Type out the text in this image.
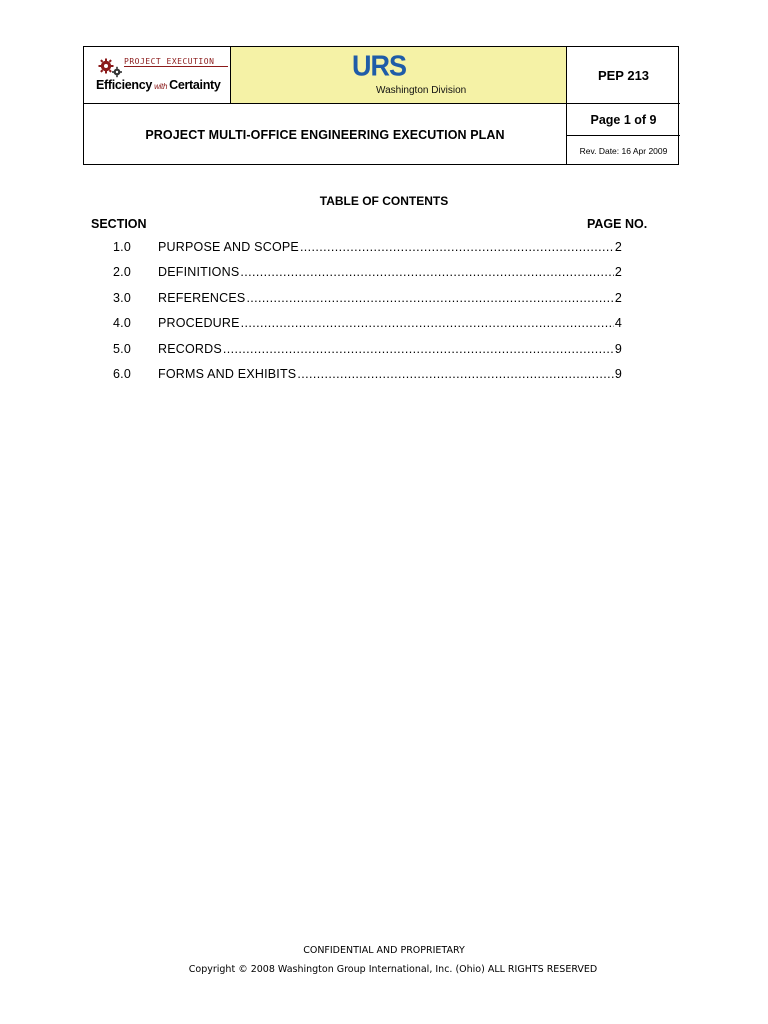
PROJECT EXECUTION
Efficiency with Certainty
URS
Washington Division
PEP 213
PROJECT MULTI-OFFICE ENGINEERING EXECUTION PLAN
Page 1 of 9
Rev. Date: 16 Apr 2009
TABLE OF CONTENTS
SECTION	PAGE NO.
1.0 PURPOSE AND SCOPE .....	2
2.0 DEFINITIONS .....	2
3.0 REFERENCES .....	2
4.0 PROCEDURE .....	4
5.0 RECORDS .....	9
6.0 FORMS AND EXHIBITS .....	9
CONFIDENTIAL AND PROPRIETARY
Copyright © 2008 Washington Group International, Inc. (Ohio) ALL RIGHTS RESERVED
